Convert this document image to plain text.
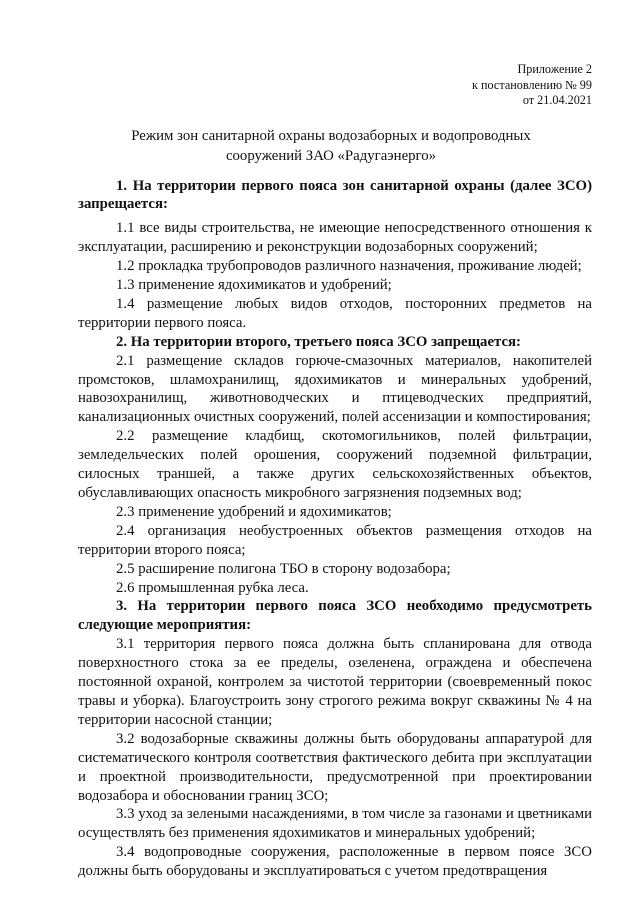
Приложение 2
к постановлению № 99
от 21.04.2021
Режим зон санитарной охраны водозаборных и водопроводных
сооружений ЗАО «Радугаэнерго»

1. На территории первого пояса зон санитарной охраны (далее ЗСО) запрещается:

1.1 все виды строительства, не имеющие непосредственного отношения к эксплуатации, расширению и реконструкции водозаборных сооружений;

1.2 прокладка трубопроводов различного назначения, проживание людей;

1.3 применение ядохимикатов и удобрений;

1.4 размещение любых видов отходов, посторонних предметов на территории первого пояса.

2. На территории второго, третьего пояса ЗСО запрещается:

2.1 размещение складов горюче-смазочных материалов, накопителей промстоков, шламохранилищ, ядохимикатов и минеральных удобрений, навозохранилищ, животноводческих и птицеводческих предприятий, канализационных очистных сооружений, полей ассенизации и компостирования;

2.2 размещение кладбищ, скотомогильников, полей фильтрации, земледельческих полей орошения, сооружений подземной фильтрации, силосных траншей, а также других сельскохозяйственных объектов, обуславливающих опасность микробного загрязнения подземных вод;

2.3 применение удобрений и ядохимикатов;

2.4 организация необустроенных объектов размещения отходов на территории второго пояса;

2.5 расширение полигона ТБО в сторону водозабора;

2.6 промышленная рубка леса.

3. На территории первого пояса ЗСО необходимо предусмотреть следующие мероприятия:

3.1 территория первого пояса должна быть спланирована для отвода поверхностного стока за ее пределы, озеленена, ограждена и обеспечена постоянной охраной, контролем за чистотой территории (своевременный покос травы и уборка). Благоустроить зону строгого режима вокруг скважины № 4 на территории насосной станции;

3.2 водозаборные скважины должны быть оборудованы аппаратурой для систематического контроля соответствия фактического дебита при эксплуатации и проектной производительности, предусмотренной при проектировании водозабора и обосновании границ ЗСО;

3.3 уход за зелеными насаждениями, в том числе за газонами и цветниками осуществлять без применения ядохимикатов и минеральных удобрений;

3.4 водопроводные сооружения, расположенные в первом поясе ЗСО должны быть оборудованы и эксплуатироваться с учетом предотвращения
